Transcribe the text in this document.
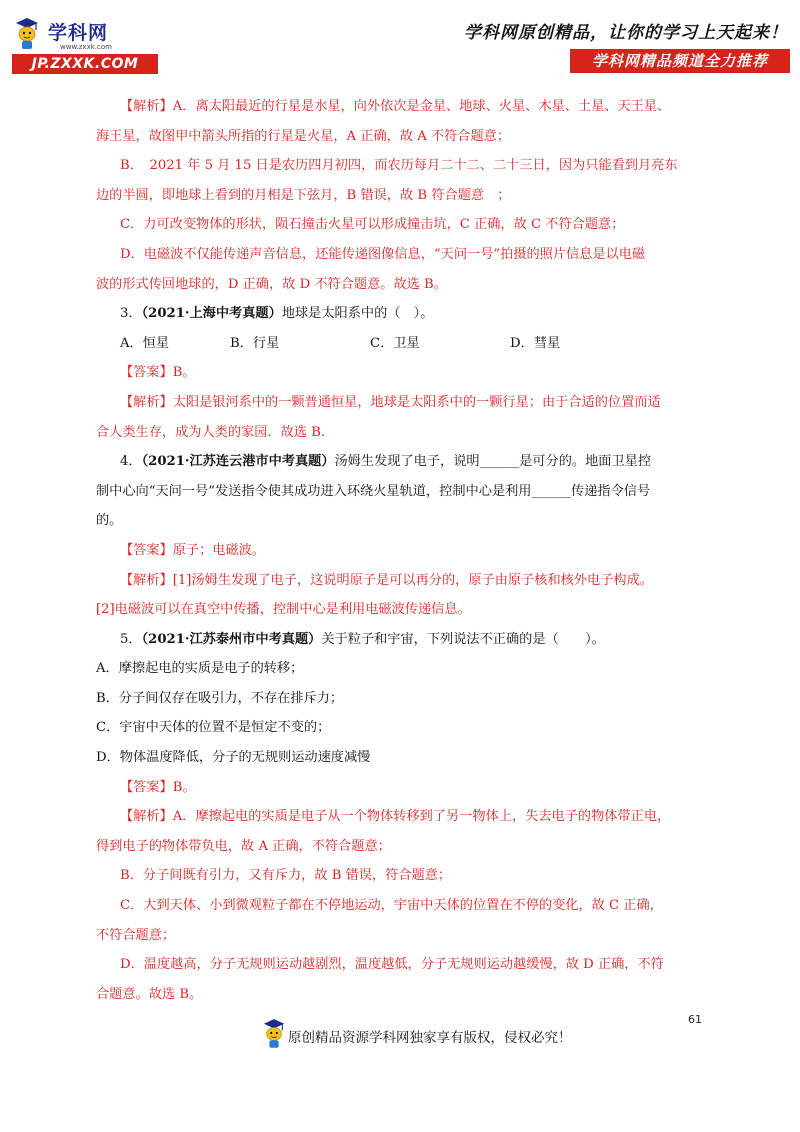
学科网
www.zxxk.com
JP.ZXXK.COM
学科网原创精品，让你的学习上天起来！
学科网精品频道全力推荐
【解析】A．离太阳最近的行星是水星，向外依次是金星、地球、火星、木星、土星、天王星、
海王星，故图甲中箭头所指的行星是火星，A 正确，故 A 不符合题意；
B．　2021 年 5 月 15 日是农历四月初四，而农历每月二十二、二十三日，因为只能看到月亮东
边的半圆，即地球上看到的月相是下弦月，B 错误，故 B 符合题意　；
C．力可改变物体的形状，陨石撞击火星可以形成撞击坑，C 正确，故 C 不符合题意；
D．电磁波不仅能传递声音信息，还能传递图像信息，“天问一号”拍摄的照片信息是以电磁
波的形式传回地球的，D 正确，故 D 不符合题意。故选 B。
3．（2021·上海中考真题）地球是太阳系中的（　）。
A．恒星	B．行星	C．卫星	D．彗星
【答案】B。
【解析】太阳是银河系中的一颗普通恒星，地球是太阳系中的一颗行星；由于合适的位置而适
合人类生存，成为人类的家园．故选 B.
4．（2021·江苏连云港市中考真题）汤姆生发现了电子，说明______是可分的。地面卫星控
制中心向“天问一号”发送指令使其成功进入环绕火星轨道，控制中心是利用______传递指令信号
的。
【答案】原子；电磁波。
【解析】[1]汤姆生发现了电子，这说明原子是可以再分的，原子由原子核和核外电子构成。
[2]电磁波可以在真空中传播，控制中心是利用电磁波传递信息。
5．（2021·江苏泰州市中考真题）关于粒子和宇宙，下列说法不正确的是（　　）。
A．摩擦起电的实质是电子的转移；
B．分子间仅存在吸引力，不存在排斥力；
C．宇宙中天体的位置不是恒定不变的；
D．物体温度降低，分子的无规则运动速度减慢
【答案】B。
【解析】A．摩擦起电的实质是电子从一个物体转移到了另一物体上，失去电子的物体带正电，
得到电子的物体带负电，故 A 正确，不符合题意；
B．分子间既有引力，又有斥力，故 B 错误，符合题意；
C．大到天体、小到微观粒子都在不停地运动，宇宙中天体的位置在不停的变化，故 C 正确，
不符合题意；
D．温度越高，分子无规则运动越剧烈，温度越低，分子无规则运动越缓慢，故 D 正确，不符
合题意。故选 B。
61
原创精品资源学科网独家享有版权，侵权必究！
